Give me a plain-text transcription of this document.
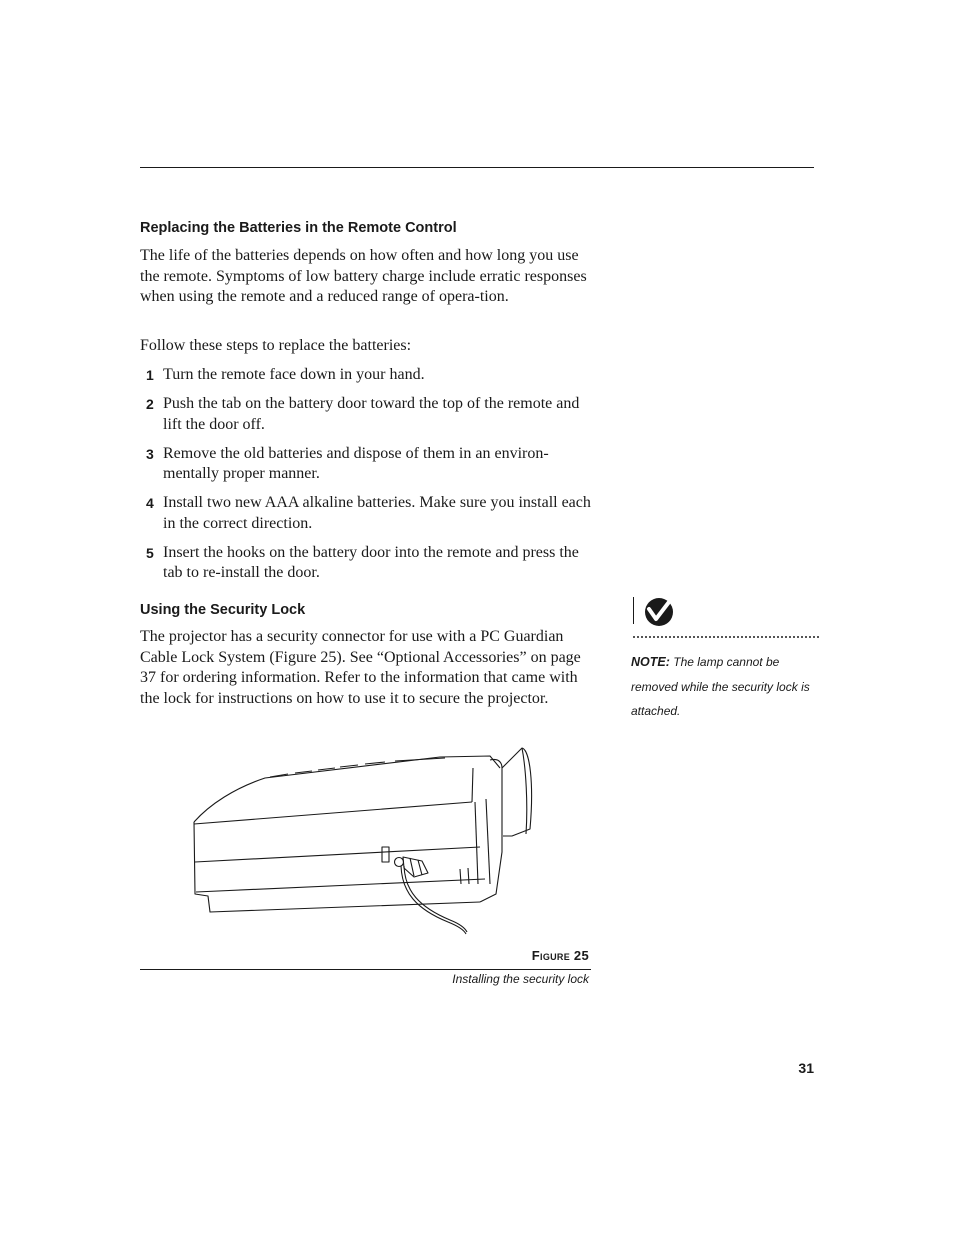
Replacing the Batteries in the Remote Control

The life of the batteries depends on how often and how long you use the remote. Symptoms of low battery charge include erratic responses when using the remote and a reduced range of opera-tion.

Follow these steps to replace the batteries:

1 Turn the remote face down in your hand.
2 Push the tab on the battery door toward the top of the remote and lift the door off.
3 Remove the old batteries and dispose of them in an environ-mentally proper manner.
4 Install two new AAA alkaline batteries. Make sure you install each in the correct direction.
5 Insert the hooks on the battery door into the remote and press the tab to re-install the door.
Using the Security Lock

The projector has a security connector for use with a PC Guardian Cable Lock System (Figure 25). See “Optional Accessories” on page 37 for ordering information. Refer to the information that came with the lock for instructions on how to use it to secure the projector.

NOTE: The lamp cannot be removed while the security lock is attached.

Figure 25
Installing the security lock
31
